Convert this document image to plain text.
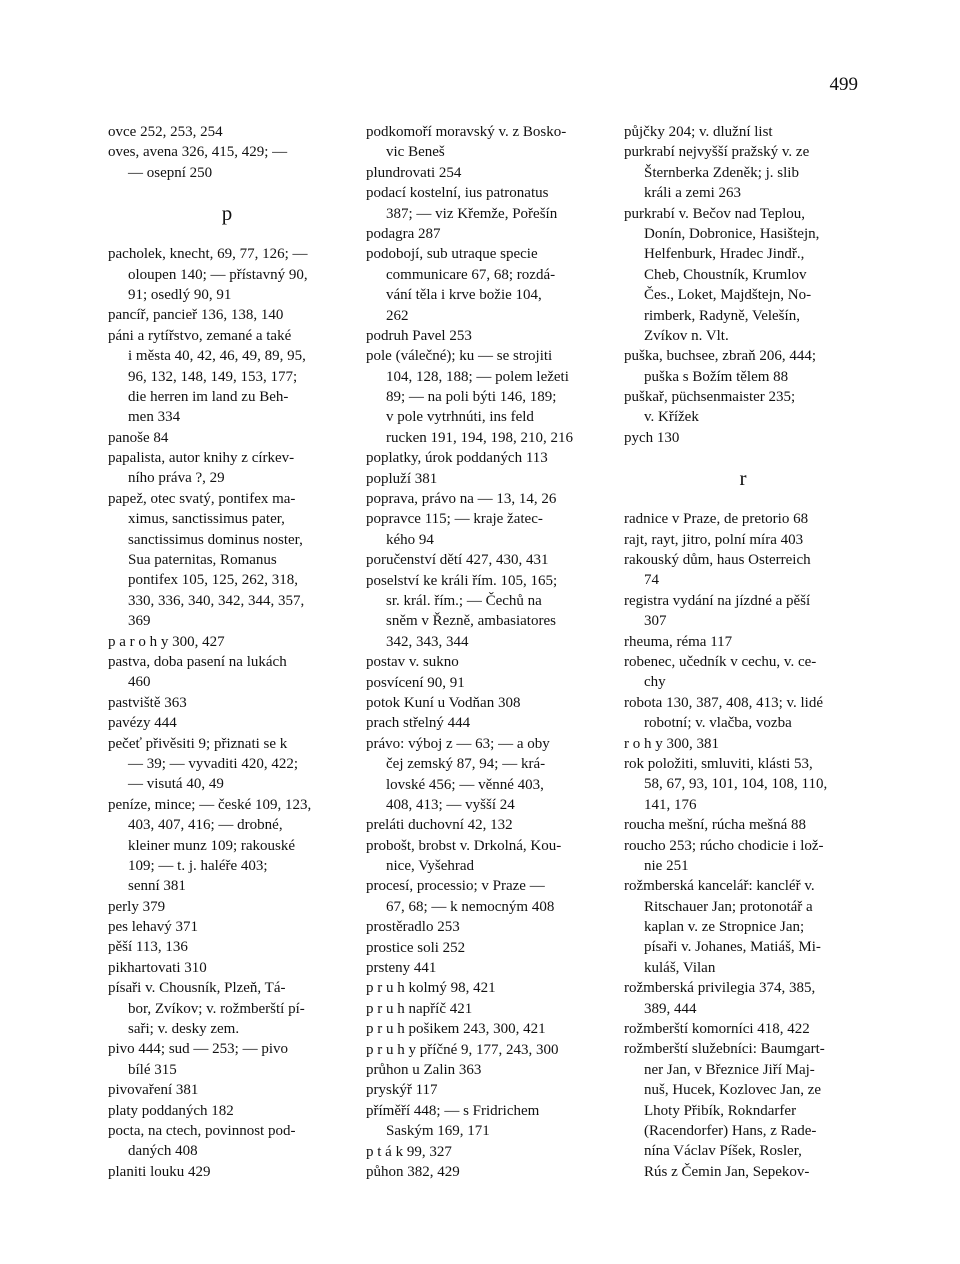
499
ovce 252, 253, 254
oves, avena 326, 415, 429; —
— osepní 250
p
pacholek, knecht, 69, 77, 126; —
oloupen 140; — přístavný 90,
91; osedlý 90, 91
pancíř, pancieř 136, 138, 140
páni a rytířstvo, zemané a také
i města 40, 42, 46, 49, 89, 95,
96, 132, 148, 149, 153, 177;
die herren im land zu Beh-
men 334
panoše 84
papalista, autor knihy z církev-
ního práva ?, 29
papež, otec svatý, pontifex ma-
ximus, sanctissimus pater,
sanctissimus dominus noster,
Sua paternitas, Romanus
pontifex 105, 125, 262, 318,
330, 336, 340, 342, 344, 357,
369
p a r o h y 300, 427
pastva, doba pasení na lukách
460
pastviště 363
pavézy 444
pečeť přivěsiti 9; přiznati se k
— 39; — vyvaditi 420, 422;
— visutá 40, 49
peníze, mince; — české 109, 123,
403, 407, 416; — drobné,
kleiner munz 109; rakouské
109; — t. j. haléře 403;
senní 381
perly 379
pes lehavý 371
pěší 113, 136
pikhartovati 310
písaři v. Chousník, Plzeň, Tá-
bor, Zvíkov; v. rožmberští pí-
saři; v. desky zem.
pivo 444; sud — 253; — pivo
bílé 315
pivovaření 381
platy poddaných 182
pocta, na ctech, povinnost pod-
daných 408
planiti louku 429
podkomoří moravský v. z Bosko-
vic Beneš
plundrovati 254
podací kostelní, ius patronatus
387; — viz Křemže, Pořešín
podagra 287
podobojí, sub utraque specie
communicare 67, 68; rozdá-
vání těla i krve božie 104,
262
podruh Pavel 253
pole (válečné); ku — se strojiti
104, 128, 188; — polem ležeti
89; — na poli býti 146, 189;
v pole vytrhnúti, ins feld
rucken 191, 194, 198, 210, 216
poplatky, úrok poddaných 113
popluží 381
poprava, právo na — 13, 14, 26
popravce 115; — kraje žatec-
kého 94
poručenství dětí 427, 430, 431
poselství ke králi řím. 105, 165;
sr. král. řím.; — Čechů na
sněm v Řezně, ambasiatores
342, 343, 344
postav v. sukno
posvícení 90, 91
potok Kuní u Vodňan 308
prach střelný 444
právo: výboj z — 63; — a oby
čej zemský 87, 94; — krá-
lovské 456; — věnné 403,
408, 413; — vyšší 24
preláti duchovní 42, 132
probošt, brobst v. Drkolná, Kou-
nice, Vyšehrad
procesí, processio; v Praze —
67, 68; — k nemocným 408
prostěradlo 253
prostice soli 252
prsteny 441
p r u h kolmý 98, 421
p r u h napříč 421
p r u h pošikem 243, 300, 421
p r u h y příčné 9, 177, 243, 300
průhon u Zalin 363
pryskýř 117
příměří 448; — s Fridrichem
Saským 169, 171
p t á k 99, 327
půhon 382, 429
půjčky 204; v. dlužní list
purkrabí nejvyšší pražský v. ze
Šternberka Zdeněk; j. slib
králi a zemi 263
purkrabí v. Bečov nad Teplou,
Donín, Dobronice, Hasištejn,
Helfenburk, Hradec Jindř.,
Cheb, Choustník, Krumlov
Čes., Loket, Majdštejn, No-
rimberk, Radyně, Velešín,
Zvíkov n. Vlt.
puška, buchsee, zbraň 206, 444;
puška s Božím tělem 88
puškař, püchsenmaister 235;
v. Křížek
pych 130
r
radnice v Praze, de pretorio 68
rajt, rayt, jitro, polní míra 403
rakouský dům, haus Osterreich
74
registra vydání na jízdné a pěší
307
rheuma, réma 117
robenec, učedník v cechu, v. ce-
chy
robota 130, 387, 408, 413; v. lidé
robotní; v. vlačba, vozba
r o h y 300, 381
rok položiti, smluviti, klásti 53,
58, 67, 93, 101, 104, 108, 110,
141, 176
roucha mešní, rúcha mešná 88
roucho 253; rúcho chodicie i lož-
nie 251
rožmberská kancelář: kancléř v.
Ritschauer Jan; protonotář a
kaplan v. ze Stropnice Jan;
písaři v. Johanes, Matiáš, Mi-
kuláš, Vilan
rožmberská privilegia 374, 385,
389, 444
rožmberští komorníci 418, 422
rožmberští služebníci: Baumgart-
ner Jan, v Březnice Jiří Maj-
nuš, Hucek, Kozlovec Jan, ze
Lhoty Přibík, Rokndarfer
(Racendorfer) Hans, z Rade-
nína Václav Píšek, Rosler,
Rús z Čemin Jan, Sepekov-
